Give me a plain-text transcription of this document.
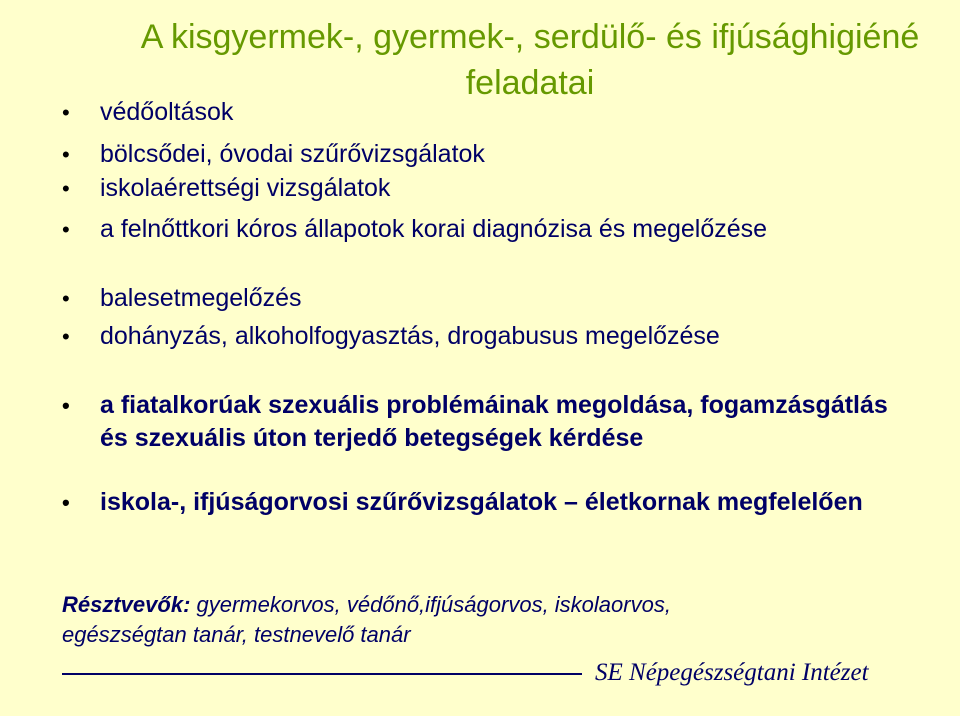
A kisgyermek-, gyermek-, serdülő- és ifjúsághigiéné feladatai
• védőoltások
• bölcsődei, óvodai szűrővizsgálatok
• iskolaérettségi vizsgálatok
• a felnőttkori kóros állapotok korai diagnózisa és megelőzése
• balesetmegelőzés
• dohányzás, alkoholfogyasztás, drogabusus megelőzése
• a fiatalkorúak szexuális problémáinak megoldása, fogamzásgátlás és szexuális úton terjedő betegségek kérdése
• iskola-, ifjúságorvosi szűrővizsgálatok – életkornak megfelelően
Résztvevők: gyermekorvos, védőnő,ifjúságorvos, iskolaorvos, egészségtan tanár, testnevelő tanár
SE Népegészségtani Intézet
